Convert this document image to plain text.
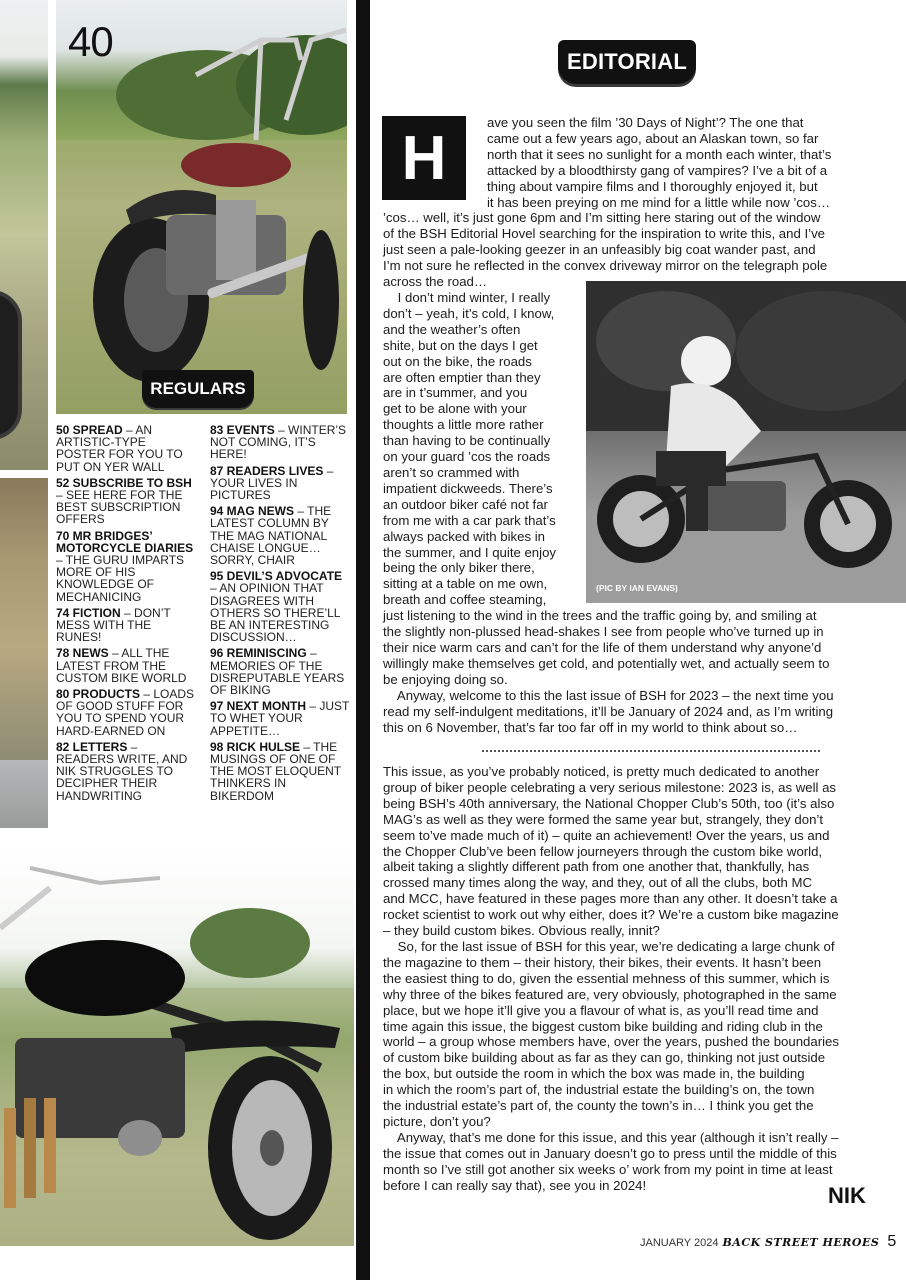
40
REGULARS
50 SPREAD – AN ARTISTIC-TYPE POSTER FOR YOU TO PUT ON YER WALL
52 SUBSCRIBE TO BSH – SEE HERE FOR THE BEST SUBSCRIPTION OFFERS
70 MR BRIDGES’ MOTORCYCLE DIARIES – THE GURU IMPARTS MORE OF HIS KNOWLEDGE OF MECHANICING
74 FICTION – DON’T MESS WITH THE RUNES!
78 NEWS – ALL THE LATEST FROM THE CUSTOM BIKE WORLD
80 PRODUCTS – LOADS OF GOOD STUFF FOR YOU TO SPEND YOUR HARD-EARNED ON
82 LETTERS – READERS WRITE, AND NIK STRUGGLES TO DECIPHER THEIR HANDWRITING
83 EVENTS – WINTER’S NOT COMING, IT’S HERE!
87 READERS LIVES – YOUR LIVES IN PICTURES
94 MAG NEWS – THE LATEST COLUMN BY THE MAG NATIONAL CHAISE LONGUE… SORRY, CHAIR
95 DEVIL’S ADVOCATE – AN OPINION THAT DISAGREES WITH OTHERS SO THERE’LL BE AN INTERESTING DISCUSSION…
96 REMINISCING – MEMORIES OF THE DISREPUTABLE YEARS OF BIKING
97 NEXT MONTH – JUST TO WHET YOUR APPETITE…
98 RICK HULSE – THE MUSINGS OF ONE OF THE MOST ELOQUENT THINKERS IN BIKERDOM
EDITORIAL
H
ave you seen the film ’30 Days of Night’? The one that
came out a few years ago, about an Alaskan town, so far
north that it sees no sunlight for a month each winter, that’s
attacked by a bloodthirsty gang of vampires? I’ve a bit of a
thing about vampire films and I thoroughly enjoyed it, but
it has been preying on me mind for a little while now ’cos…
’cos… well, it’s just gone 6pm and I’m sitting here staring out of the window
of the BSH Editorial Hovel searching for the inspiration to write this, and I’ve
just seen a pale-looking geezer in an unfeasibly big coat wander past, and
I’m not sure he reflected in the convex driveway mirror on the telegraph pole
across the road…
I don’t mind winter, I really
don’t – yeah, it’s cold, I know,
and the weather’s often
shite, but on the days I get
out on the bike, the roads
are often emptier than they
are in t’summer, and you
get to be alone with your
thoughts a little more rather
than having to be continually
on your guard ’cos the roads
aren’t so crammed with
impatient dickweeds. There’s
an outdoor biker café not far
from me with a car park that’s
always packed with bikes in
the summer, and I quite enjoy
being the only biker there,
sitting at a table on me own,
breath and coffee steaming,
(PIC BY IAN EVANS)
just listening to the wind in the trees and the traffic going by, and smiling at
the slightly non-plussed head-shakes I see from people who’ve turned up in
their nice warm cars and can’t for the life of them understand why anyone’d
willingly make themselves get cold, and potentially wet, and actually seem to
be enjoying doing so.
Anyway, welcome to this the last issue of BSH for 2023 – the next time you
read my self-indulgent meditations, it’ll be January of 2024 and, as I’m writing
this on 6 November, that’s far too far off in my world to think about so…
This issue, as you’ve probably noticed, is pretty much dedicated to another
group of biker people celebrating a very serious milestone: 2023 is, as well as
being BSH’s 40th anniversary, the National Chopper Club’s 50th, too (it’s also
MAG’s as well as they were formed the same year but, strangely, they don’t
seem to’ve made much of it) – quite an achievement! Over the years, us and
the Chopper Club’ve been fellow journeyers through the custom bike world,
albeit taking a slightly different path from one another that, thankfully, has
crossed many times along the way, and they, out of all the clubs, both MC
and MCC, have featured in these pages more than any other. It doesn’t take a
rocket scientist to work out why either, does it? We’re a custom bike magazine
– they build custom bikes. Obvious really, innit?
So, for the last issue of BSH for this year, we’re dedicating a large chunk of
the magazine to them – their history, their bikes, their events. It hasn’t been
the easiest thing to do, given the essential mehness of this summer, which is
why three of the bikes featured are, very obviously, photographed in the same
place, but we hope it’ll give you a flavour of what is, as you’ll read time and
time again this issue, the biggest custom bike building and riding club in the
world – a group whose members have, over the years, pushed the boundaries
of custom bike building about as far as they can go, thinking not just outside
the box, but outside the room in which the box was made in, the building
in which the room’s part of, the industrial estate the building’s on, the town
the industrial estate’s part of, the county the town’s in… I think you get the
picture, don’t you?
Anyway, that’s me done for this issue, and this year (although it isn’t really –
the issue that comes out in January doesn’t go to press until the middle of this
month so I’ve still got another six weeks o’ work from my point in time at least
before I can really say that), see you in 2024!	NIK
JANUARY 2024 BACK STREET HEROES 5
